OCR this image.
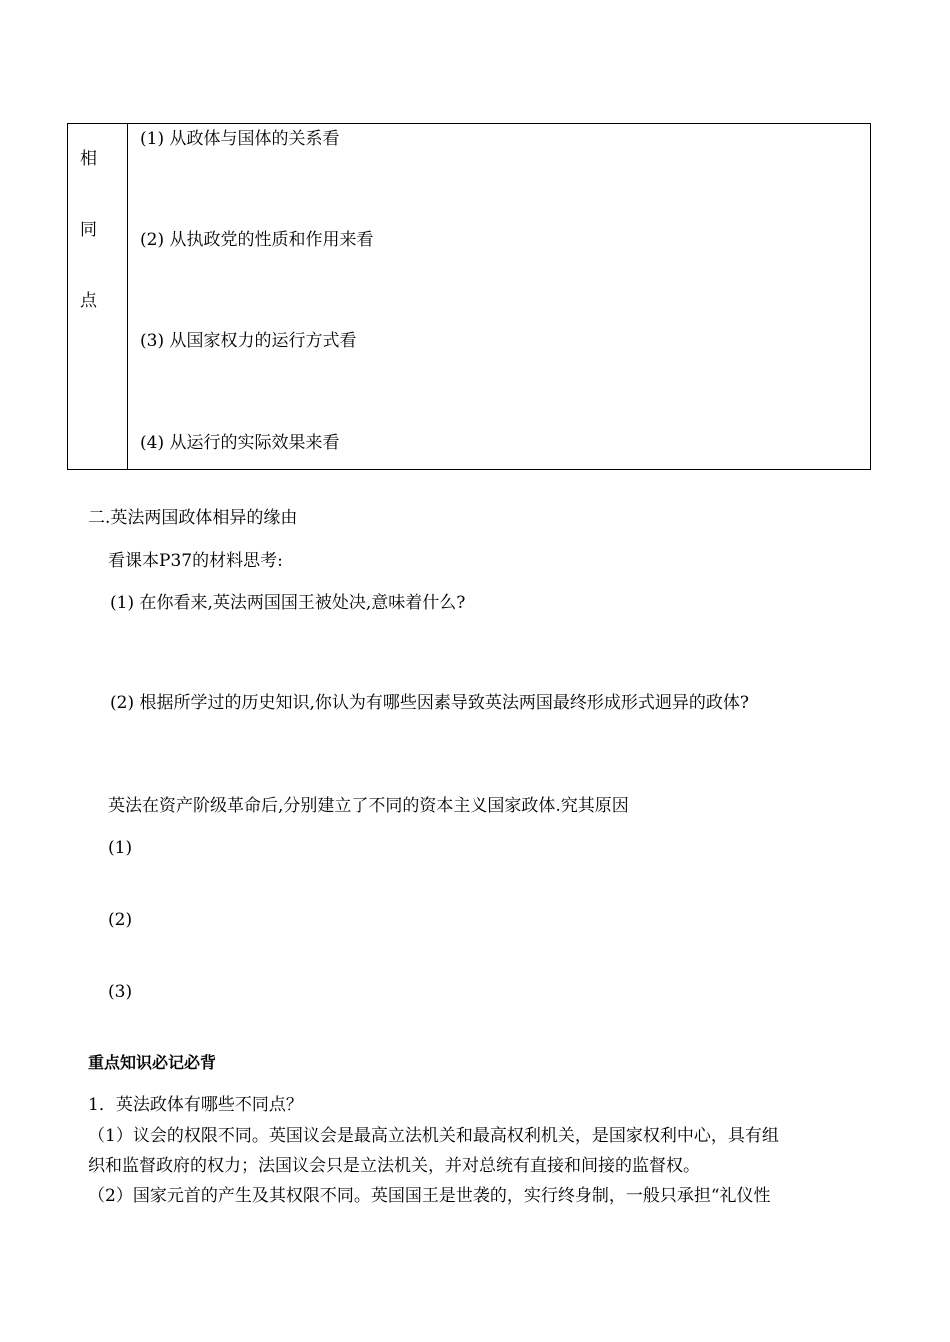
相
同
点
(1) 从政体与国体的关系看
(2) 从执政党的性质和作用来看
(3) 从国家权力的运行方式看
(4) 从运行的实际效果来看
二.英法两国政体相异的缘由
看课本P37的材料思考:
(1) 在你看来,英法两国国王被处决,意味着什么?
(2) 根据所学过的历史知识,你认为有哪些因素导致英法两国最终形成形式迥异的政体?
英法在资产阶级革命后,分别建立了不同的资本主义国家政体.究其原因
(1)
(2)
(3)
重点知识必记必背
1．英法政体有哪些不同点？
（1）议会的权限不同。英国议会是最高立法机关和最高权利机关，是国家权利中心，具有组
织和监督政府的权力；法国议会只是立法机关，并对总统有直接和间接的监督权。
（2）国家元首的产生及其权限不同。英国国王是世袭的，实行终身制，一般只承担“礼仪性
